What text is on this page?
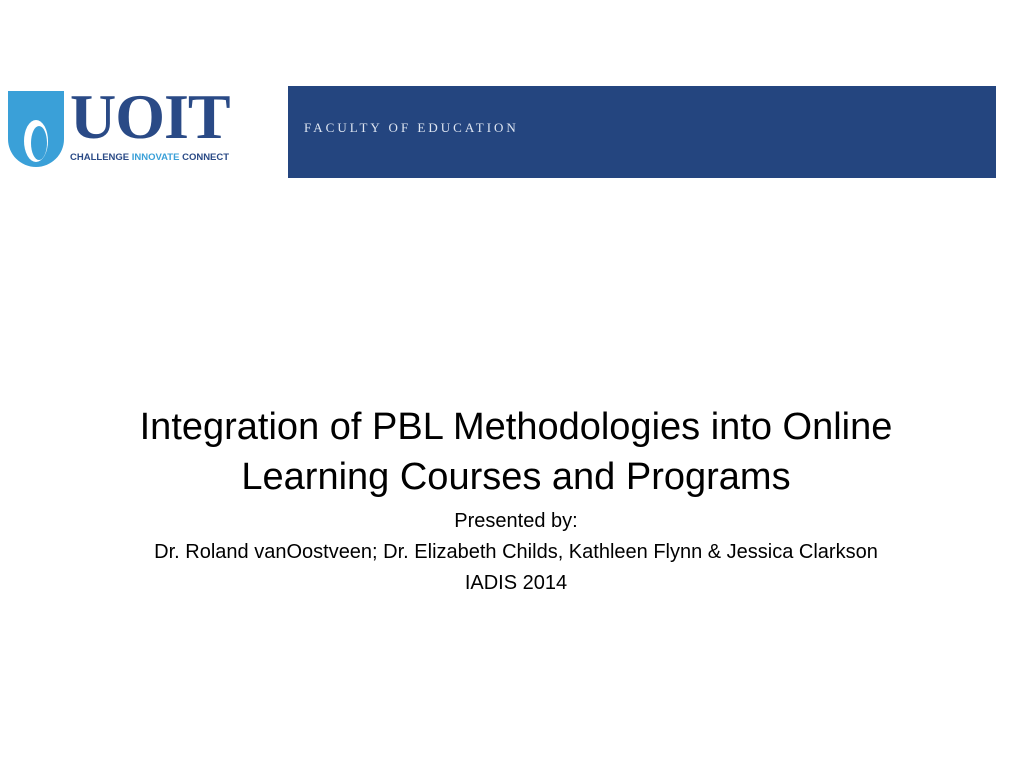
UOIT
CHALLENGE INNOVATE CONNECT
FACULTY OF EDUCATION
Integration of PBL Methodologies into Online
Learning Courses and Programs

Presented by:

Dr. Roland vanOostveen; Dr. Elizabeth Childs, Kathleen Flynn & Jessica Clarkson

IADIS 2014
